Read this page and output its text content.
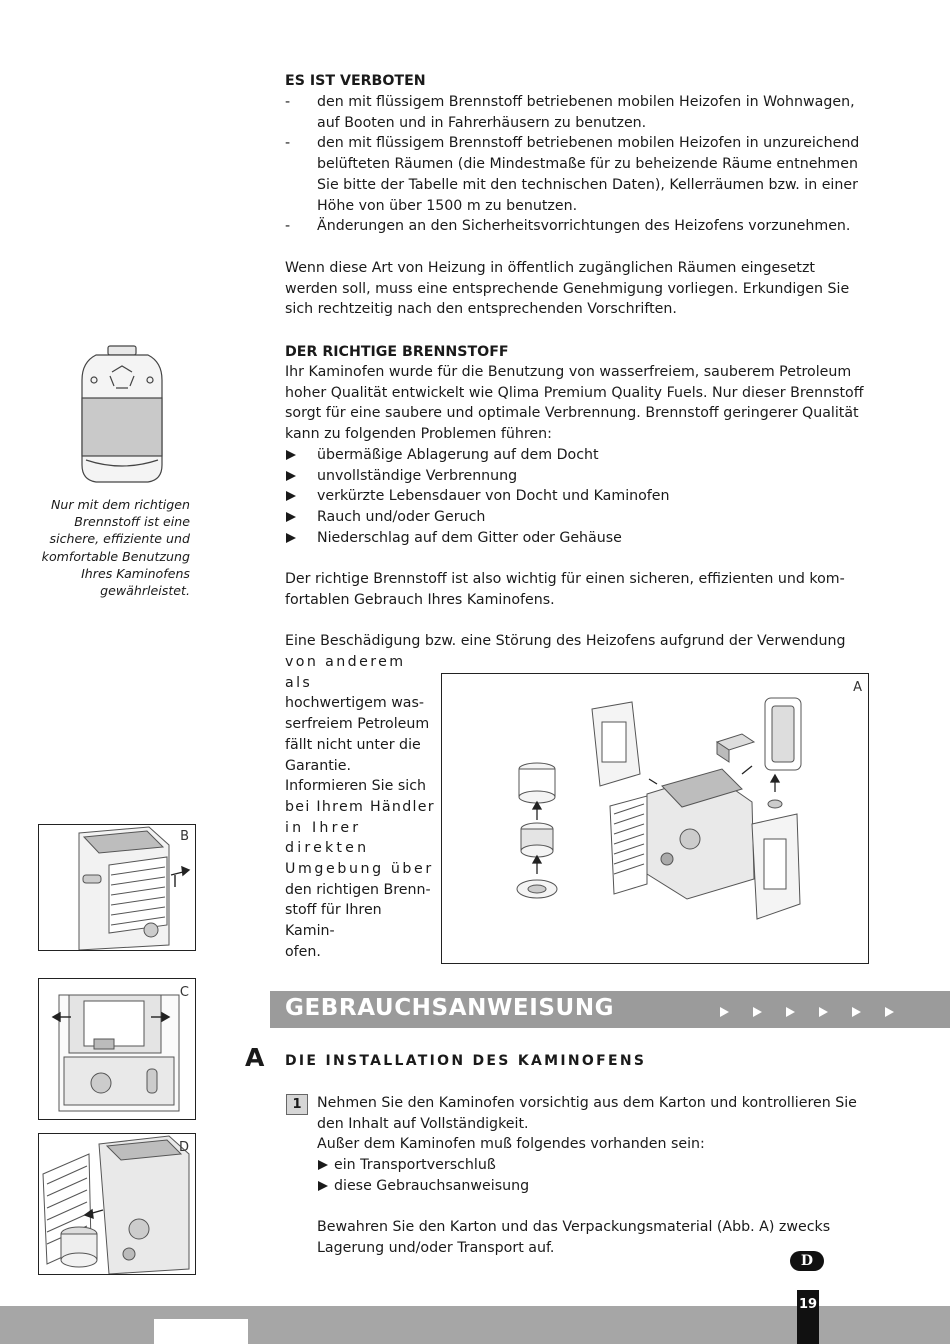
ES IST VERBOTEN
- den mit flüssigem Brennstoff betriebenen mobilen Heizofen in Wohnwagen,
auf Booten und in Fahrerhäusern zu benutzen.
- den mit flüssigem Brennstoff betriebenen mobilen Heizofen in unzureichend
belüfteten Räumen (die Mindestmaße für zu beheizende Räume entnehmen
Sie bitte der Tabelle mit den technischen Daten), Kellerräumen bzw. in einer
Höhe von über 1500 m zu benutzen.
- Änderungen an den Sicherheitsvorrichtungen des Heizofens vorzunehmen.
Wenn diese Art von Heizung in öffentlich zugänglichen Räumen eingesetzt
werden soll, muss eine entsprechende Genehmigung vorliegen. Erkundigen Sie
sich rechtzeitig nach den entsprechenden Vorschriften.
DER RICHTIGE BRENNSTOFF
Ihr Kaminofen wurde für die Benutzung von wasserfreiem, sauberem Petroleum
hoher Qualität entwickelt wie Qlima Premium Quality Fuels. Nur dieser Brennstoff
sorgt für eine saubere und optimale Verbrennung. Brennstoff geringerer Qualität
kann zu folgenden Problemen führen:
übermäßige Ablagerung auf dem Docht
unvollständige Verbrennung
verkürzte Lebensdauer von Docht und Kaminofen
Rauch und/oder Geruch
Niederschlag auf dem Gitter oder Gehäuse
Der richtige Brennstoff ist also wichtig für einen sicheren, effizienten und kom-
fortablen Gebrauch Ihres Kaminofens.
Eine Beschädigung bzw. eine Störung des Heizofens aufgrund der Verwendung
von anderem als
hochwertigem was-
serfreiem Petroleum
fällt nicht unter die
Garantie.
Informieren Sie sich
bei Ihrem Händler
in Ihrer direkten
Umgebung über
den richtigen Brenn-
stoff für Ihren Kamin-
ofen.
Nur mit dem richtigen
Brennstoff ist eine
sichere, effiziente und
komfortable Benutzung
Ihres Kaminofens
gewährleistet.
A
B
C
D
GEBRAUCHSANWEISUNG

A DIE INSTALLATION DES KAMINOFENS
1	Nehmen Sie den Kaminofen vorsichtig aus dem Karton und kontrollieren Sie
den Inhalt auf Vollständigkeit.
Außer dem Kaminofen muß folgendes vorhanden sein:
ein Transportverschluß
diese Gebrauchsanweisung
Bewahren Sie den Karton und das Verpackungsmaterial (Abb. A) zwecks
Lagerung und/oder Transport auf.
D
19
